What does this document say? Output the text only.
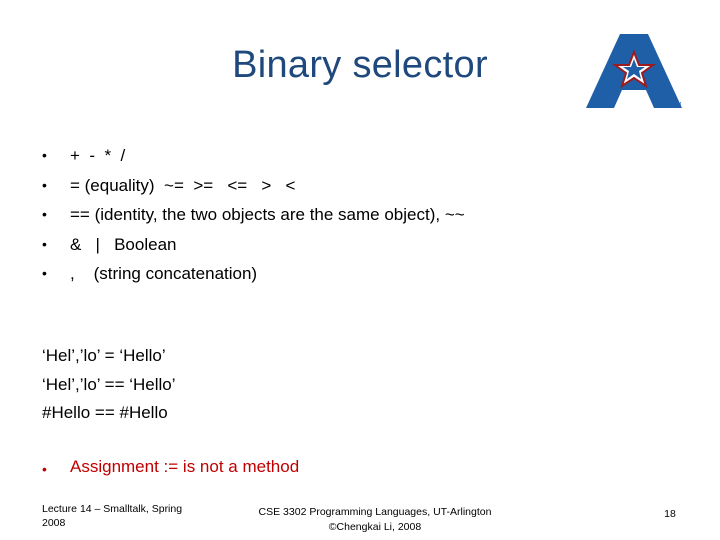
Binary selector
TM
•	+  -  *  /
•	= (equality)  ~=  >=   <=   >   <
•	== (identity, the two objects are the same object), ~~
•	&   |   Boolean
•	,    (string concatenation)
‘Hel’,’lo’ = ‘Hello’
‘Hel’,’lo’ == ‘Hello’
#Hello == #Hello
•	Assignment := is not a method
Lecture 14 – Smalltalk, Spring
2008
CSE 3302 Programming Languages, UT-Arlington
©Chengkai Li, 2008
18
